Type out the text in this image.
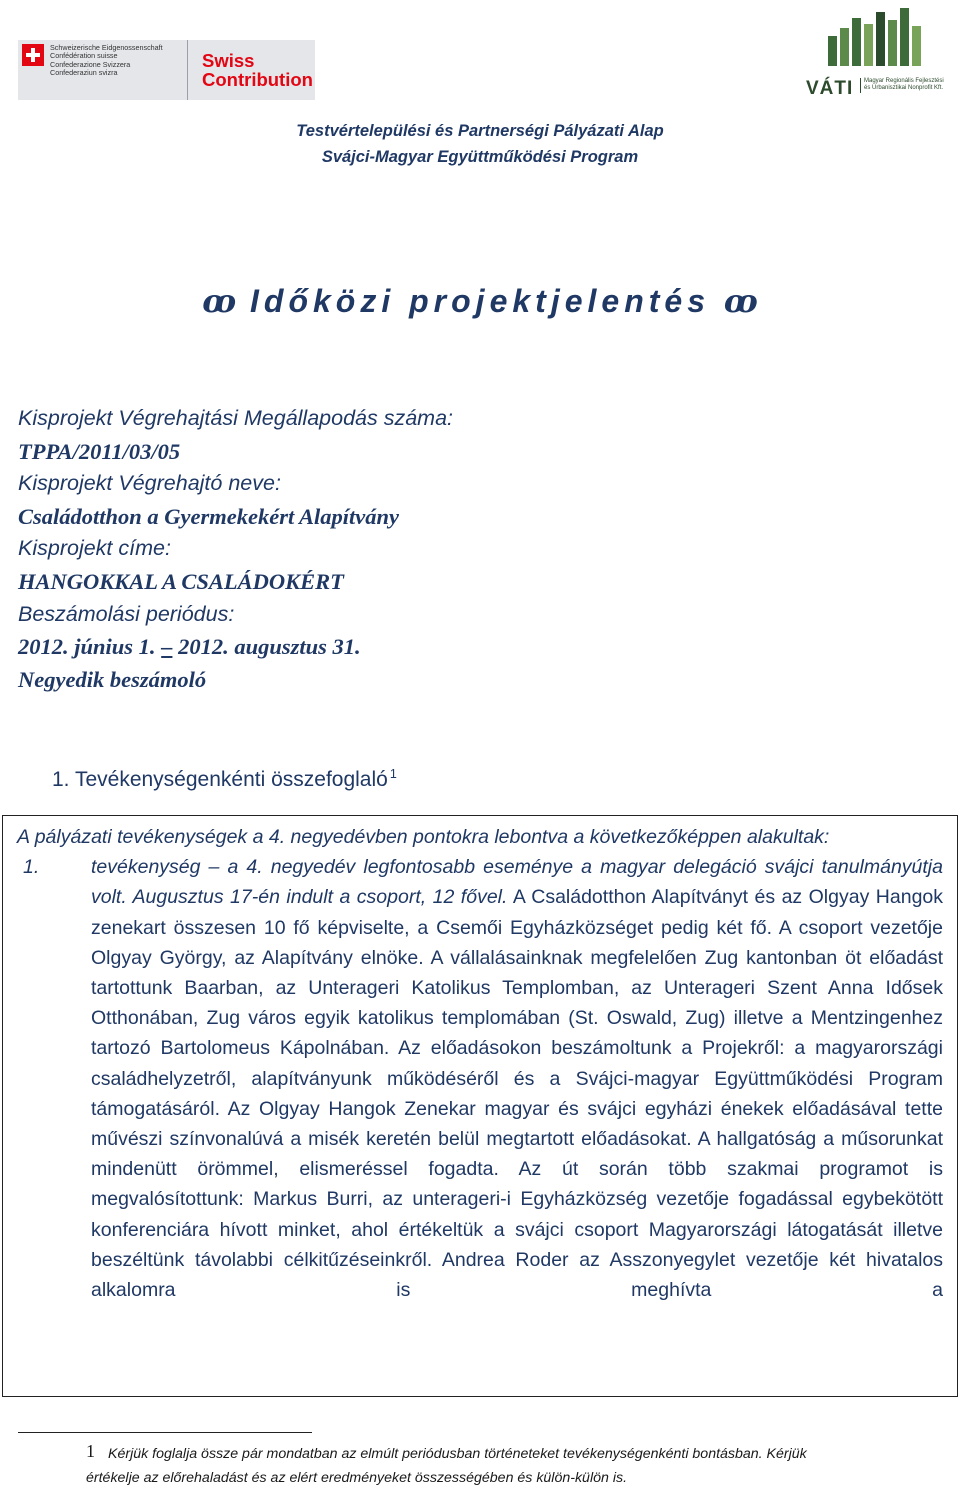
Schweizerische Eidgenossenschaft
Confédération suisse
Confederazione Svizzera
Confederaziun svizra
Swiss
Contribution	VÁTI Magyar Regionális Fejlesztési
és Urbanisztikai Nonprofit Kft.
Testvértelepülési és Partnerségi Pályázati Alap
Svájci-Magyar Együttműködési Program
ꝏ Időközi projektjelentés ꝏ
Kisprojekt Végrehajtási Megállapodás száma:
TPPA/2011/03/05
Kisprojekt Végrehajtó neve:
Családotthon a Gyermekekért Alapítvány
Kisprojekt címe:
HANGOKKAL A CSALÁDOKÉRT
Beszámolási periódus:
2012. június 1. – 2012. augusztus 31.
Negyedik beszámoló
1. Tevékenységenkénti összefoglaló $^1$

A pályázati tevékenységek a 4. negyedévben pontokra lebontva a következőképpen alakultak:

1.	tevékenység – a 4. negyedév legfontosabb eseménye a magyar delegáció svájci tanulmányútja volt. Augusztus 17-én indult a csoport, 12 fővel. A Családotthon Alapítványt és az Olgyay Hangok zenekart összesen 10 fő képviselte, a Csemői Egyházközséget pedig két fő. A csoport vezetője Olgyay György, az Alapítvány elnöke. A vállalásainknak megfelelően Zug kantonban öt előadást tartottunk Baarban, az Unterageri Katolikus Templomban, az Unterageri Szent Anna Idősek Otthonában, Zug város egyik katolikus templomában (St. Oswald, Zug) illetve a Mentzingenhez tartozó Bartolomeus Kápolnában. Az előadásokon beszámoltunk a Projekről: a magyarországi családhelyzetről, alapítványunk működéséről és a Svájci-magyar Együttműködési Program támogatásáról. Az Olgyay Hangok Zenekar magyar és svájci egyházi énekek előadásával tette művészi színvonalúvá a misék keretén belül megtartott előadásokat. A hallgatóság a műsorunkat mindenütt örömmel, elismeréssel fogadta. Az út során több szakmai programot is megvalósítottunk: Markus Burri, az unterageri-i Egyházközség vezetője fogadással egybekötött konferenciára hívott minket, ahol értékeltük a svájci csoport Magyarországi látogatását illetve beszéltünk távolabbi célkitűzéseinkről. Andrea Roder az Asszonyegylet vezetője két hivatalos alkalomra is meghívta a
1 Kérjük foglalja össze pár mondatban az elmúlt periódusban történeteket tevékenységenkénti bontásban. Kérjük
értékelje az előrehaladást és az elért eredményeket összességében és külön-külön is.
